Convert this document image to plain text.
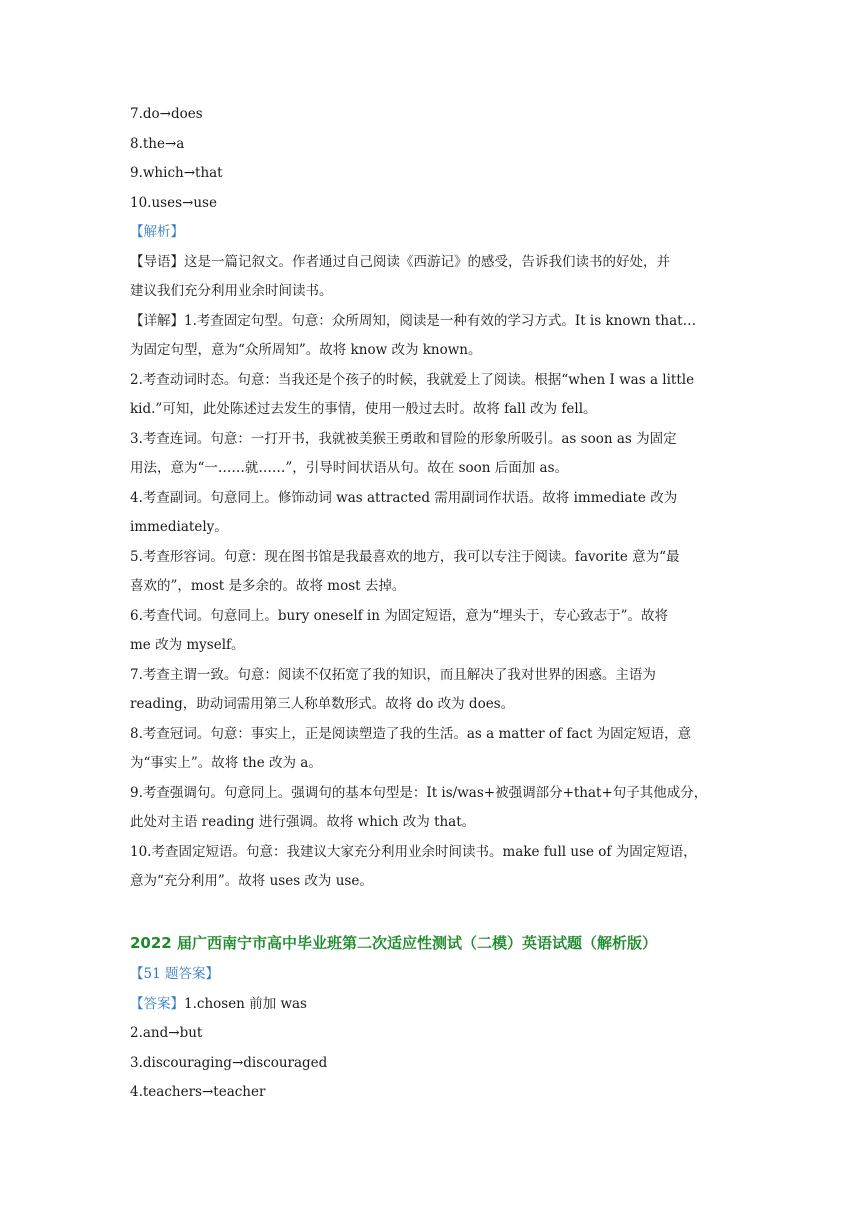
7.do→does
8.the→a
9.which→that
10.uses→use
【解析】
【导语】这是一篇记叙文。作者通过自己阅读《西游记》的感受，告诉我们读书的好处，并
建议我们充分利用业余时间读书。
【详解】1.考查固定句型。句意：众所周知，阅读是一种有效的学习方式。It is known that…
为固定句型，意为“众所周知”。故将 know 改为 known。
2.考查动词时态。句意：当我还是个孩子的时候，我就爱上了阅读。根据“when I was a little
kid.”可知，此处陈述过去发生的事情，使用一般过去时。故将 fall 改为 fell。
3.考查连词。句意：一打开书，我就被美猴王勇敢和冒险的形象所吸引。as soon as 为固定
用法，意为“一……就……”，引导时间状语从句。故在 soon 后面加 as。
4.考查副词。句意同上。修饰动词 was attracted 需用副词作状语。故将 immediate 改为
immediately。
5.考查形容词。句意：现在图书馆是我最喜欢的地方，我可以专注于阅读。favorite 意为“最
喜欢的”，most 是多余的。故将 most 去掉。
6.考查代词。句意同上。bury oneself in 为固定短语，意为“埋头于，专心致志于”。故将
me 改为 myself。
7.考查主谓一致。句意：阅读不仅拓宽了我的知识，而且解决了我对世界的困惑。主语为
reading，助动词需用第三人称单数形式。故将 do 改为 does。
8.考查冠词。句意：事实上，正是阅读塑造了我的生活。as a matter of fact 为固定短语，意
为“事实上”。故将 the 改为 a。
9.考查强调句。句意同上。强调句的基本句型是：It is/was+被强调部分+that+句子其他成分，
此处对主语 reading 进行强调。故将 which 改为 that。
10.考查固定短语。句意：我建议大家充分利用业余时间读书。make full use of 为固定短语，
意为“充分利用”。故将 uses 改为 use。
2022 届广西南宁市高中毕业班第二次适应性测试（二模）英语试题（解析版）
【51 题答案】
【答案】1.chosen 前加 was
2.and→but
3.discouraging→discouraged
4.teachers→teacher
